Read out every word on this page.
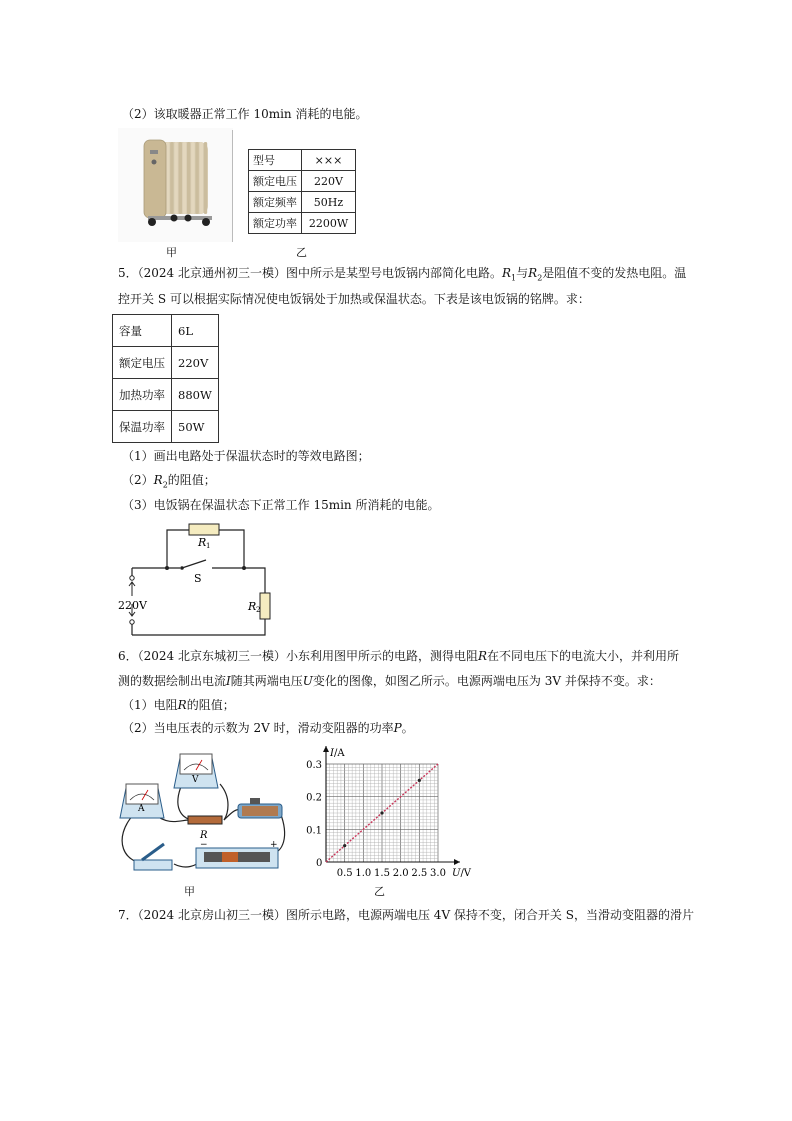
（2）该取暖器正常工作 10min 消耗的电能。
甲
型号	×××
额定电压	220V
额定频率	50Hz
额定功率	2200W
乙
5．（2024 北京通州初三一模）图中所示是某型号电饭锅内部简化电路。$R_1$与$R_2$是阻值不变的发热电阻。温
控开关 S 可以根据实际情况使电饭锅处于加热或保温状态。下表是该电饭锅的铭牌。求：
容量	6L
额定电压	220V
加热功率	880W
保温功率	50W
（1）画出电路处于保温状态时的等效电路图；
$(2)R_2$的阻值；
（3）电饭锅在保温状态下正常工作 15min 所消耗的电能。
220V
S
R 1
R 2
6．（2024 北京东城初三一模）小东利用图甲所示的电路，测得电阻R在不同电压下的电流大小，并利用所
测的数据绘制出电流I随其两端电压U变化的图像，如图乙所示。电源两端电压为 3V 并保持不变。求：
（1）电阻R的阻值；
（2）当电压表的示数为 2V 时，滑动变阻器的功率P。
A
V
R
−	+
甲
I/A
U/V
0
0.5 1.0 1.5 2.0 2.5 3.0
0.1
0.2
0.3
乙
7．（2024 北京房山初三一模）图所示电路，电源两端电压 4V 保持不变，闭合开关 S，当滑动变阻器的滑片
